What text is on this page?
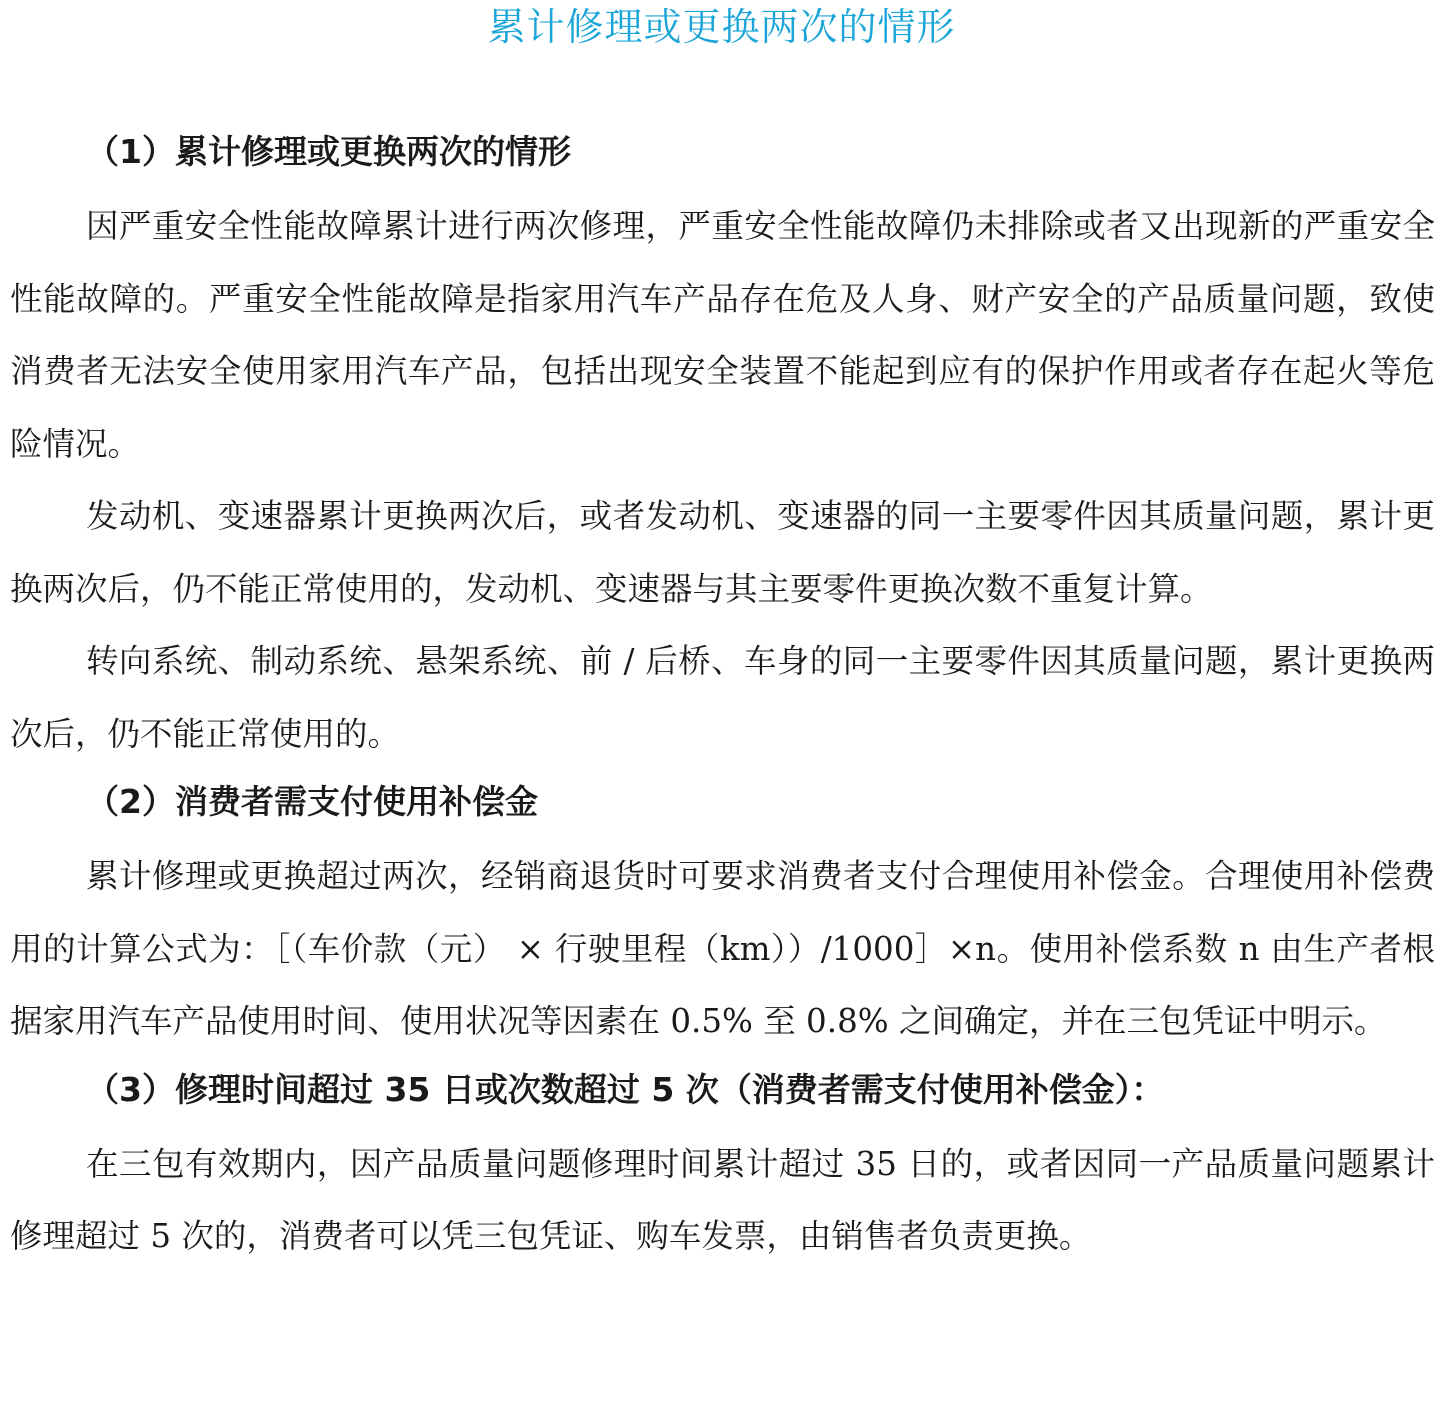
累计修理或更换两次的情形
（1）累计修理或更换两次的情形

因严重安全性能故障累计进行两次修理，严重安全性能故障仍未排除或者又出现新的严重安全性能故障的。严重安全性能故障是指家用汽车产品存在危及人身、财产安全的产品质量问题，致使消费者无法安全使用家用汽车产品，包括出现安全装置不能起到应有的保护作用或者存在起火等危险情况。

发动机、变速器累计更换两次后，或者发动机、变速器的同一主要零件因其质量问题，累计更换两次后，仍不能正常使用的，发动机、变速器与其主要零件更换次数不重复计算。

转向系统、制动系统、悬架系统、前 / 后桥、车身的同一主要零件因其质量问题，累计更换两次后，仍不能正常使用的。

（2）消费者需支付使用补偿金

累计修理或更换超过两次，经销商退货时可要求消费者支付合理使用补偿金。合理使用补偿费用的计算公式为：［（车价款（元） × 行驶里程（km））/1000］×n。使用补偿系数 n 由生产者根据家用汽车产品使用时间、使用状况等因素在 0.5% 至 0.8% 之间确定，并在三包凭证中明示。

（3）修理时间超过 35 日或次数超过 5 次（消费者需支付使用补偿金）：

在三包有效期内，因产品质量问题修理时间累计超过 35 日的，或者因同一产品质量问题累计修理超过 5 次的，消费者可以凭三包凭证、购车发票，由销售者负责更换。
